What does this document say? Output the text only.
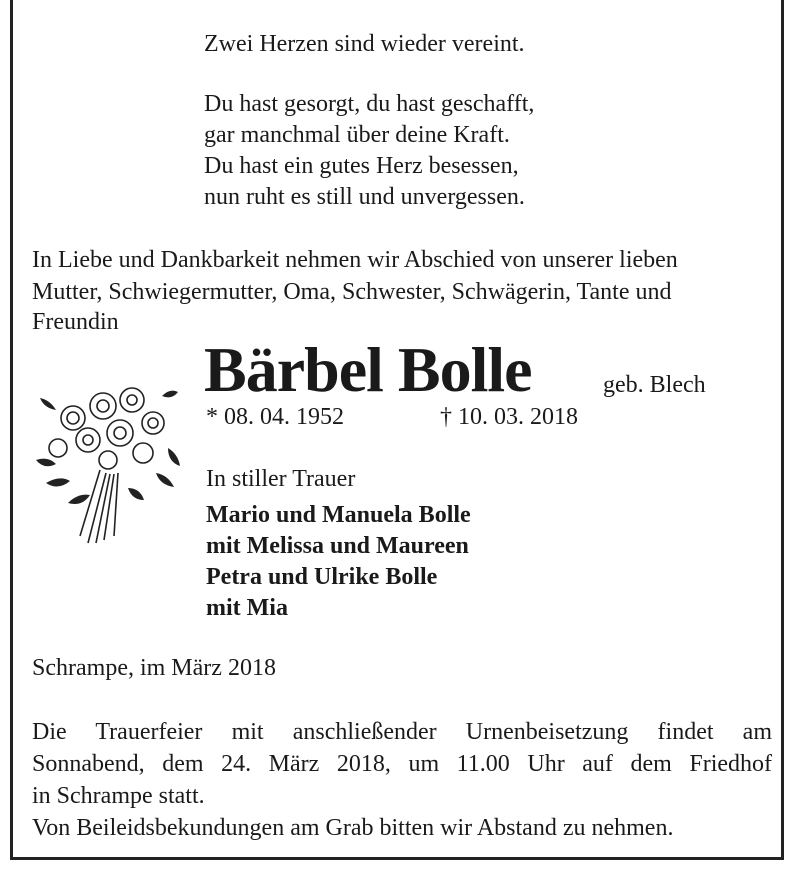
Zwei Herzen sind wieder vereint.

Du hast gesorgt, du hast geschafft,

gar manchmal über deine Kraft.

Du hast ein gutes Herz besessen,

nun ruht es still und unvergessen.

In Liebe und Dankbarkeit nehmen wir Abschied von unserer lieben

Mutter, Schwiegermutter, Oma, Schwester, Schwägerin, Tante und

Freundin

Bärbel Bolle	geb. Blech

* 08. 04. 1952	† 10. 03. 2018

In stiller Trauer

Mario und Manuela Bolle

mit Melissa und Maureen

Petra und Ulrike Bolle

mit Mia

Schrampe, im März 2018

Die Trauerfeier mit anschließender Urnenbeisetzung findet am

Sonnabend, dem 24. März 2018, um 11.00 Uhr auf dem Friedhof

in Schrampe statt.

Von Beileidsbekundungen am Grab bitten wir Abstand zu nehmen.
